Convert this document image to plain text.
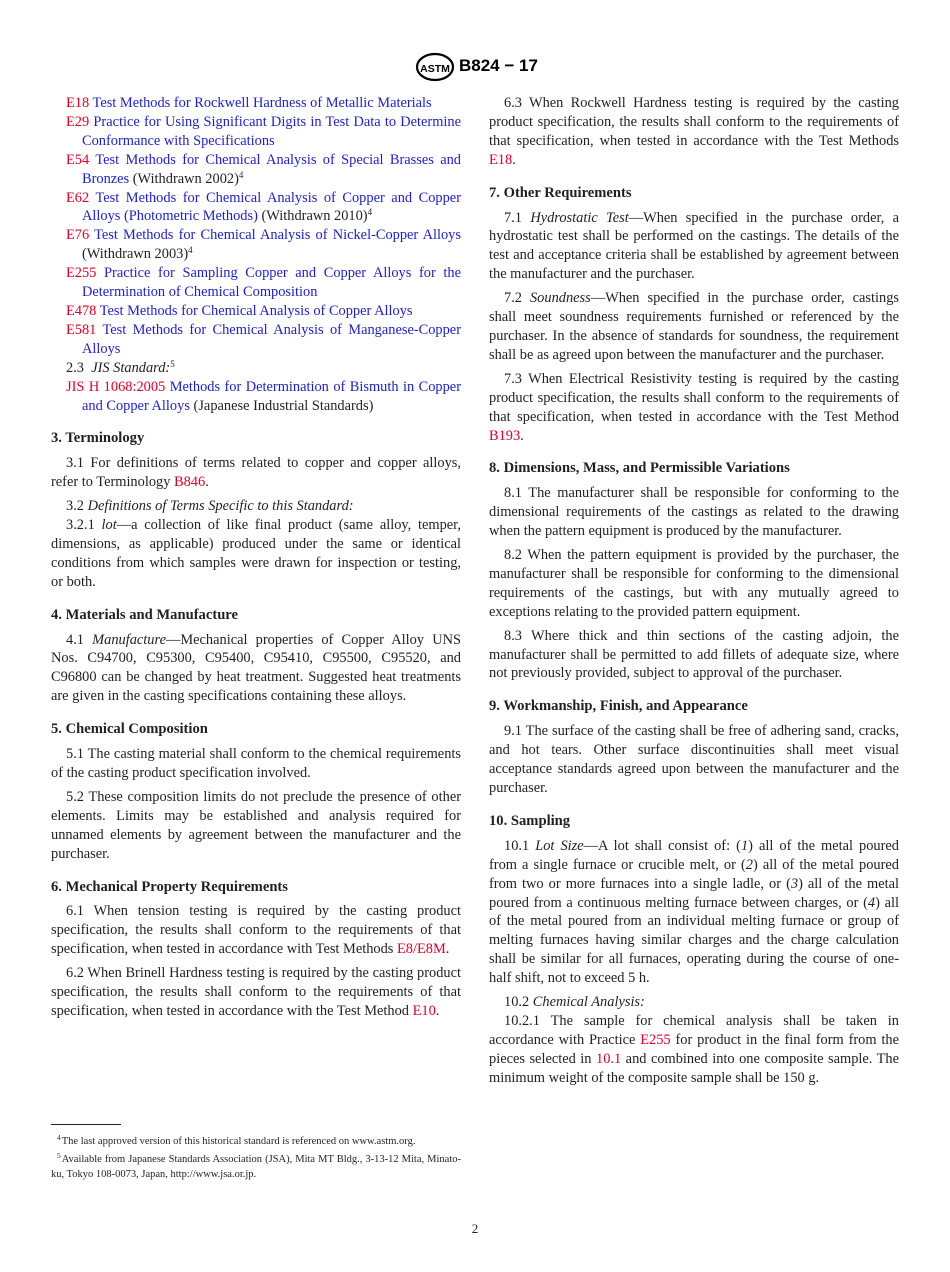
ASTM B824 − 17
E18 Test Methods for Rockwell Hardness of Metallic Materials
E29 Practice for Using Significant Digits in Test Data to Determine Conformance with Specifications
E54 Test Methods for Chemical Analysis of Special Brasses and Bronzes (Withdrawn 2002)$^4$
E62 Test Methods for Chemical Analysis of Copper and Copper Alloys (Photometric Methods) (Withdrawn 2010)$^4$
E76 Test Methods for Chemical Analysis of Nickel-Copper Alloys (Withdrawn 2003)$^4$
E255 Practice for Sampling Copper and Copper Alloys for the Determination of Chemical Composition
E478 Test Methods for Chemical Analysis of Copper Alloys
E581 Test Methods for Chemical Analysis of Manganese-Copper Alloys
2.3 JIS Standard:$^5$
JIS H 1068:2005 Methods for Determination of Bismuth in Copper and Copper Alloys (Japanese Industrial Standards)
3. Terminology

3.1 For definitions of terms related to copper and copper alloys, refer to Terminology B846.

3.2 Definitions of Terms Specific to this Standard:

3.2.1 lot—a collection of like final product (same alloy, temper, dimensions, as applicable) produced under the same or identical conditions from which samples were drawn for inspection or testing, or both.

4. Materials and Manufacture

4.1 Manufacture—Mechanical properties of Copper Alloy UNS Nos. C94700, C95300, C95400, C95410, C95500, C95520, and C96800 can be changed by heat treatment. Suggested heat treatments are given in the casting specifications containing these alloys.

5. Chemical Composition

5.1 The casting material shall conform to the chemical requirements of the casting product specification involved.

5.2 These composition limits do not preclude the presence of other elements. Limits may be established and analysis required for unnamed elements by agreement between the manufacturer and the purchaser.

6. Mechanical Property Requirements

6.1 When tension testing is required by the casting product specification, the results shall conform to the requirements of that specification, when tested in accordance with Test Methods E8/E8M.

6.2 When Brinell Hardness testing is required by the casting product specification, the results shall conform to the requirements of that specification, when tested in accordance with the Test Method E10.

6.3 When Rockwell Hardness testing is required by the casting product specification, the results shall conform to the requirements of that specification, when tested in accordance with the Test Methods E18.

7. Other Requirements

7.1 Hydrostatic Test—When specified in the purchase order, a hydrostatic test shall be performed on the castings. The details of the test and acceptance criteria shall be established by agreement between the manufacturer and the purchaser.

7.2 Soundness—When specified in the purchase order, castings shall meet soundness requirements furnished or referenced by the purchaser. In the absence of standards for soundness, the requirement shall be as agreed upon between the manufacturer and the purchaser.

7.3 When Electrical Resistivity testing is required by the casting product specification, the results shall conform to the requirements of that specification, when tested in accordance with the Test Method B193.

8. Dimensions, Mass, and Permissible Variations

8.1 The manufacturer shall be responsible for conforming to the dimensional requirements of the castings as related to the drawing when the pattern equipment is produced by the manufacturer.

8.2 When the pattern equipment is provided by the purchaser, the manufacturer shall be responsible for conforming to the dimensional requirements of the castings, but with any mutually agreed to exceptions relating to the provided pattern equipment.

8.3 Where thick and thin sections of the casting adjoin, the manufacturer shall be permitted to add fillets of adequate size, where not previously provided, subject to approval of the purchaser.

9. Workmanship, Finish, and Appearance

9.1 The surface of the casting shall be free of adhering sand, cracks, and hot tears. Other surface discontinuities shall meet visual acceptance standards agreed upon between the manufacturer and the purchaser.

10. Sampling

10.1 Lot Size—A lot shall consist of: (1) all of the metal poured from a single furnace or crucible melt, or (2) all of the metal poured from two or more furnaces into a single ladle, or (3) all of the metal poured from a continuous melting furnace between charges, or (4) all of the metal poured from an individual melting furnace or group of melting furnaces having similar charges and the charge calculation shall be similar for all furnaces, operating during the course of one-half shift, not to exceed 5 h.

10.2 Chemical Analysis:

10.2.1 The sample for chemical analysis shall be taken in accordance with Practice E255 for product in the final form from the pieces selected in 10.1 and combined into one composite sample. The minimum weight of the composite sample shall be 150 g.

$^4$The last approved version of this historical standard is referenced on www.astm.org.

$^5$Available from Japanese Standards Association (JSA), Mita MT Bldg., 3-13-12 Mita, Minato-ku, Tokyo 108-0073, Japan, http://www.jsa.or.jp.

2
